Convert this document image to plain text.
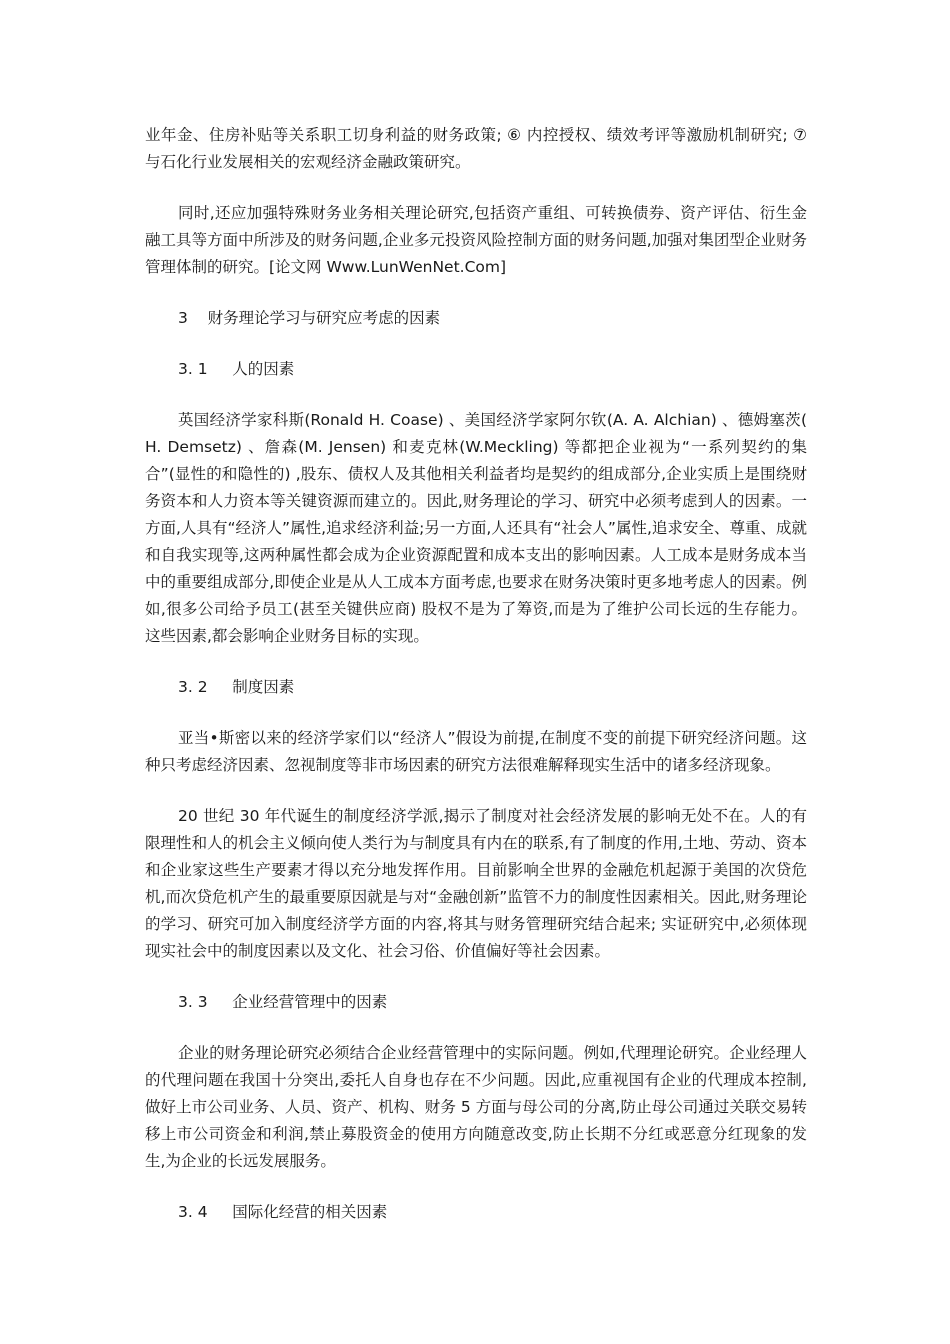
业年金、住房补贴等关系职工切身利益的财务政策; ⑥ 内控授权、绩效考评等激励机制研究; ⑦ 与石化行业发展相关的宏观经济金融政策研究。

同时,还应加强特殊财务业务相关理论研究,包括资产重组、可转换债券、资产评估、衍生金融工具等方面中所涉及的财务问题,企业多元投资风险控制方面的财务问题,加强对集团型企业财务管理体制的研究。[论文网 Www.LunWenNet.Com]

3    财务理论学习与研究应考虑的因素
3. 1     人的因素

英国经济学家科斯(Ronald H. Coase) 、美国经济学家阿尔钦(A. A. Alchian) 、德姆塞茨( H. Demsetz) 、詹森(M. Jensen) 和麦克林(W.Meckling) 等都把企业视为“一系列契约的集合”(显性的和隐性的) ,股东、债权人及其他相关利益者均是契约的组成部分,企业实质上是围绕财务资本和人力资本等关键资源而建立的。因此,财务理论的学习、研究中必须考虑到人的因素。一方面,人具有“经济人”属性,追求经济利益;另一方面,人还具有“社会人”属性,追求安全、尊重、成就和自我实现等,这两种属性都会成为企业资源配置和成本支出的影响因素。人工成本是财务成本当中的重要组成部分,即使企业是从人工成本方面考虑,也要求在财务决策时更多地考虑人的因素。例如,很多公司给予员工(甚至关键供应商) 股权不是为了筹资,而是为了维护公司长远的生存能力。这些因素,都会影响企业财务目标的实现。

3. 2     制度因素

亚当•斯密以来的经济学家们以“经济人”假设为前提,在制度不变的前提下研究经济问题。这种只考虑经济因素、忽视制度等非市场因素的研究方法很难解释现实生活中的诸多经济现象。

20 世纪 30 年代诞生的制度经济学派,揭示了制度对社会经济发展的影响无处不在。人的有限理性和人的机会主义倾向使人类行为与制度具有内在的联系,有了制度的作用,土地、劳动、资本和企业家这些生产要素才得以充分地发挥作用。目前影响全世界的金融危机起源于美国的次贷危机,而次贷危机产生的最重要原因就是与对“金融创新”监管不力的制度性因素相关。因此,财务理论的学习、研究可加入制度经济学方面的内容,将其与财务管理研究结合起来; 实证研究中,必须体现现实社会中的制度因素以及文化、社会习俗、价值偏好等社会因素。

3. 3     企业经营管理中的因素

企业的财务理论研究必须结合企业经营管理中的实际问题。例如,代理理论研究。企业经理人的代理问题在我国十分突出,委托人自身也存在不少问题。因此,应重视国有企业的代理成本控制,做好上市公司业务、人员、资产、机构、财务 5 方面与母公司的分离,防止母公司通过关联交易转移上市公司资金和利润,禁止募股资金的使用方向随意改变,防止长期不分红或恶意分红现象的发生,为企业的长远发展服务。

3. 4     国际化经营的相关因素
